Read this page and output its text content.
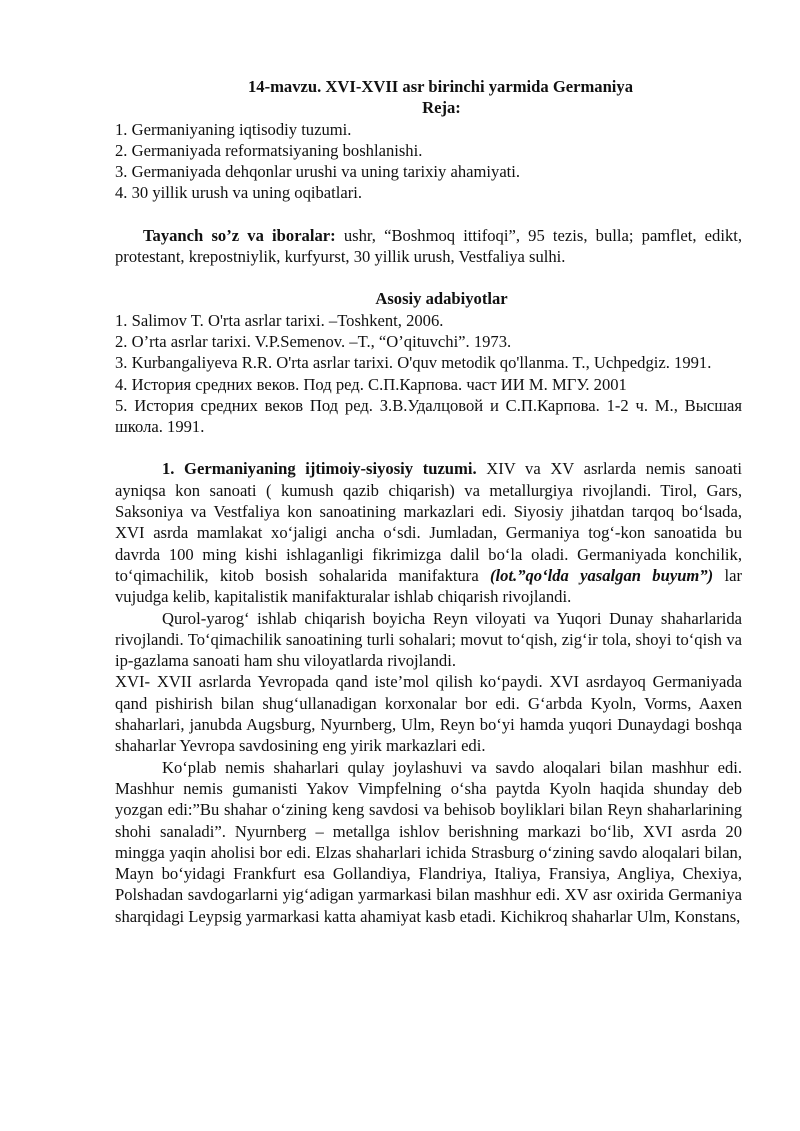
14-mavzu. XVI-XVII asr birinchi yarmida Germaniya

Reja:

1. Germaniyaning iqtisodiy tuzumi.

2. Germaniyada reformatsiyaning boshlanishi.

3. Germaniyada dehqonlar urushi va uning tarixiy ahamiyati.

4. 30 yillik urush va uning oqibatlari.

Tayanch so’z va iboralar: ushr, “Boshmoq ittifoqi”, 95 tezis, bulla; pamflet, edikt, protestant, krepostniylik, kurfyurst, 30 yillik urush, Vestfaliya sulhi.

Asosiy adabiyotlar

1. Salimov T. O'rta asrlar tarixi. –Toshkent, 2006.

2. O’rta asrlar tarixi. V.P.Semenov. –T., “O’qituvchi”. 1973.

3. Kurbangaliyeva R.R. O'rta asrlar tarixi. O'quv metodik qo'llanma. T., Uchpedgiz. 1991.

4. История средних веков. Под ред. С.П.Карпова. част ИИ М. МГУ. 2001

5. История средних веков Под ред. З.В.Удалцовой и С.П.Карпова. 1-2 ч. М., Высшая школа. 1991.

1. Germaniyaning ijtimoiy-siyosiy tuzumi. XIV va XV asrlarda nemis sanoati ayniqsa kon sanoati ( kumush qazib chiqarish) va metallurgiya rivojlandi. Tirol, Gars, Saksoniya va Vestfaliya kon sanoatining markazlari edi. Siyosiy jihatdan tarqoq bo‘lsada, XVI asrda mamlakat xo‘jaligi ancha o‘sdi. Jumladan, Germaniya tog‘-kon sanoatida bu davrda 100 ming kishi ishlaganligi fikrimizga dalil bo‘la oladi. Germaniyada konchilik, to‘qimachilik, kitob bosish sohalarida manifaktura (lot.”qo‘lda yasalgan buyum”) lar vujudga kelib, kapitalistik manifakturalar ishlab chiqarish rivojlandi.

Qurol-yarog‘ ishlab chiqarish boyicha Reyn viloyati va Yuqori Dunay shaharlarida rivojlandi. To‘qimachilik sanoatining turli sohalari; movut to‘qish, zig‘ir tola, shoyi to‘qish va ip-gazlama sanoati ham shu viloyatlarda rivojlandi.

XVI- XVII asrlarda Yevropada qand iste’mol qilish ko‘paydi. XVI asrdayoq Germaniyada qand pishirish bilan shug‘ullanadigan korxonalar bor edi. G‘arbda Kyoln, Vorms, Aaxen shaharlari, janubda Augsburg, Nyurnberg, Ulm, Reyn bo‘yi hamda yuqori Dunaydagi boshqa shaharlar Yevropa savdosining eng yirik markazlari edi.

Ko‘plab nemis shaharlari qulay joylashuvi va savdo aloqalari bilan mashhur edi. Mashhur nemis gumanisti Yakov Vimpfelning o‘sha paytda Kyoln haqida shunday deb yozgan edi:”Bu shahar o‘zining keng savdosi va behisob boyliklari bilan Reyn shaharlarining shohi sanaladi”. Nyurnberg – metallga ishlov berishning markazi bo‘lib, XVI asrda 20 mingga yaqin aholisi bor edi. Elzas shaharlari ichida Strasburg o‘zining savdo aloqalari bilan, Mayn bo‘yidagi Frankfurt esa Gollandiya, Flandriya, Italiya, Fransiya, Angliya, Chexiya, Polshadan savdogarlarni yig‘adigan yarmarkasi bilan mashhur edi. XV asr oxirida Germaniya sharqidagi Leypsig yarmarkasi katta ahamiyat kasb etadi. Kichikroq shaharlar Ulm, Konstans,
